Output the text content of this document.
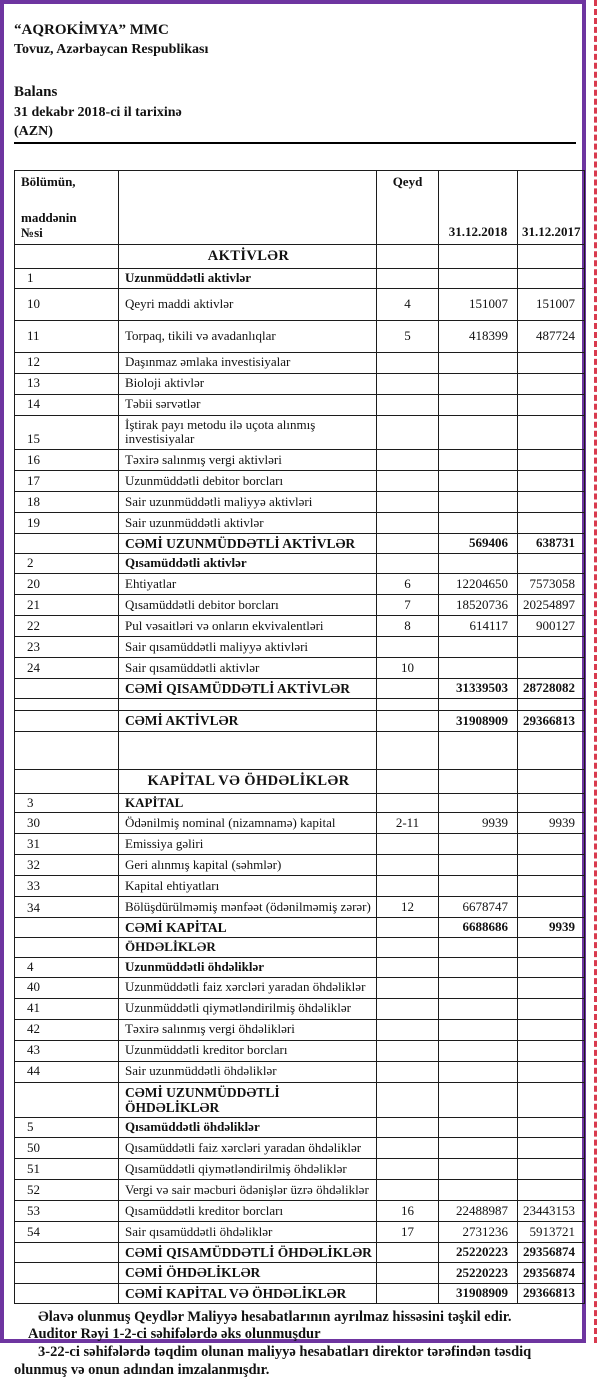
“AQROKİMYA” MMC
Tovuz, Azərbaycan Respublikası
Balans
31 dekabr 2018-ci il tarixinə
(AZN)
Bölümün,
maddənin
№si		Qeyd	31.12.2018	31.12.2017
	AKTİVLƏR			
1	Uzunmüddətli aktivlər			
10	Qeyri maddi aktivlər	4	151007	151007
11	Torpaq, tikili və avadanlıqlar	5	418399	487724
12	Daşınmaz əmlaka investisiyalar			
13	Bioloji aktivlər			
14	Təbii sərvətlər			
15	İştirak payı metodu ilə uçota alınmış investisiyalar			
16	Təxirə salınmış vergi aktivləri			
17	Uzunmüddətli debitor borcları			
18	Sair uzunmüddətli maliyyə aktivləri			
19	Sair uzunmüddətli aktivlər			
	CƏMİ UZUNMÜDDƏTLİ AKTİVLƏR		569406	638731
2	Qısamüddətli aktivlər			
20	Ehtiyatlar	6	12204650	7573058
21	Qısamüddətli debitor borcları	7	18520736	20254897
22	Pul vəsaitləri və onların ekvivalentləri	8	614117	900127
23	Sair qısamüddətli maliyyə aktivləri			
24	Sair qısamüddətli aktivlər	10		
	CƏMİ QISAMÜDDƏTLİ AKTİVLƏR		31339503	28728082

	CƏMİ AKTİVLƏR		31908909	29366813

	KAPİTAL VƏ ÖHDƏLİKLƏR			
3	KAPİTAL			
30	Ödənilmiş nominal (nizamnamə) kapital	2-11	9939	9939
31	Emissiya gəliri			
32	Geri alınmış kapital (səhmlər)			
33	Kapital ehtiyatları			
34	Bölüşdürülməmiş mənfəət (ödənilməmiş zərər)	12	6678747	
	CƏMİ KAPİTAL		6688686	9939
	ÖHDƏLİKLƏR			
4	Uzunmüddətli öhdəliklər			
40	Uzunmüddətli faiz xərcləri yaradan öhdəliklər			
41	Uzunmüddətli qiymətləndirilmiş öhdəliklər			
42	Təxirə salınmış vergi öhdəlikləri			
43	Uzunmüddətli kreditor borcları			
44	Sair uzunmüddətli öhdəliklər			
	CƏMİ UZUNMÜDDƏTLİ ÖHDƏLİKLƏR			
5	Qısamüddətli öhdəliklər			
50	Qısamüddətli faiz xərcləri yaradan öhdəliklər			
51	Qısamüddətli qiymətləndirilmiş öhdəliklər			
52	Vergi və sair məcburi ödənişlər üzrə öhdəliklər			
53	Qısamüddətli kreditor borcları	16	22488987	23443153
54	Sair qısamüddətli öhdəliklər	17	2731236	5913721
	CƏMİ QISAMÜDDƏTLİ ÖHDƏLİKLƏR		25220223	29356874
	CƏMİ ÖHDƏLİKLƏR		25220223	29356874
	CƏMİ KAPİTAL VƏ ÖHDƏLİKLƏR		31908909	29366813

Əlavə olunmuş Qeydlər Maliyyə hesabatlarının ayrılmaz hissəsini təşkil edir.

Auditor Rəyi 1-2-ci səhifələrdə əks olunmuşdur

3-22-ci səhifələrdə təqdim olunan maliyyə hesabatları direktor tərəfindən təsdiq olunmuş və onun adından imzalanmışdır.
